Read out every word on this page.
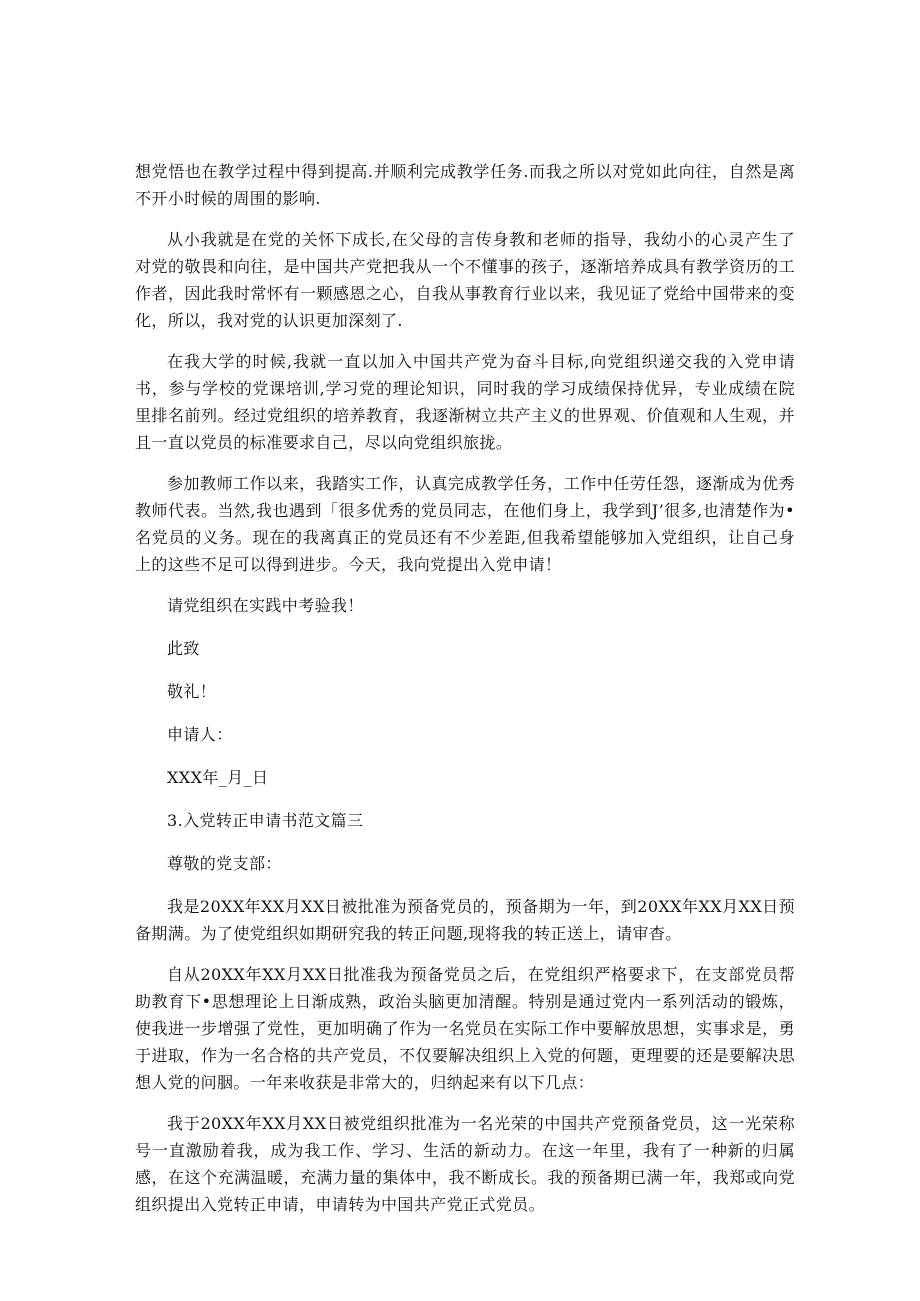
想党悟也在教学过程中得到提高.并顺利完成教学任务.而我之所以对党如此向往，自然是离不开小时候的周围的影响.

从小我就是在党的关怀下成长,在父母的言传身教和老师的指导，我幼小的心灵产生了对党的敬畏和向往，是中国共产党把我从一个不懂事的孩子，逐渐培养成具有教学资历的工作者，因此我时常怀有一颗感恩之心，自我从事教育行业以来，我见证了党给中国带来的变化，所以，我对党的认识更加深刻了.

在我大学的时候,我就一直以加入中国共产党为奋斗目标,向党组织递交我的入党申请书，参与学校的党课培训,学习党的理论知识，同时我的学习成绩保持优异，专业成绩在院里排名前列。经过党组织的培养教育，我逐渐树立共产主义的世界观、价值观和人生观，并且一直以党员的标准要求自己，尽以向党组织旅拢。

参加教师工作以来，我踏实工作，认真完成教学任务，工作中任劳任怨，逐渐成为优秀教师代表。当然,我也遇到「很多优秀的党员同志，在他们身上，我学到J’很多,也清楚作为•名党员的义务。现在的我离真正的党员还有不少差距,但我希望能够加入党组织，让自己身上的这些不足可以得到进步。今天，我向党提出入党申请！

请党组织在实践中考验我！

此致

敬礼！

申请人：

XXX年_月_日

3.入党转正申请书范文篇三

尊敬的党支部：

我是20XX年XX月XX日被批准为预备党员的，预备期为一年，到20XX年XX月XX日预备期满。为了使党组织如期研究我的转正问题,现将我的转正送上，请审杳。

自从20XX年XX月XX日批准我为预备党员之后，在党组织严格要求下，在支部党员帮助教育下•思想理论上日渐成熟，政治头脑更加清醒。特别是通过党内一系列活动的锻炼，使我进一步增强了党性，更加明确了作为一名党员在实际工作中要解放思想，实事求是，勇于进取，作为一名合格的共产党员，不仅要解决组织上入党的何题，更理要的还是要解决思想人党的问胭。一年来收获是非常大的，归纳起来有以下几点：

我于20XX年XX月XX日被党组织批准为一名光荣的中国共产党预备党员，这一光荣称号一直激励着我，成为我工作、学习、生活的新动力。在这一年里，我有了一种新的归属感，在这个充满温暖，充满力量的集体中，我不断成长。我的预备期已满一年，我郑或向党组织提出入党转正申请，申请转为中国共产党正式党员。
